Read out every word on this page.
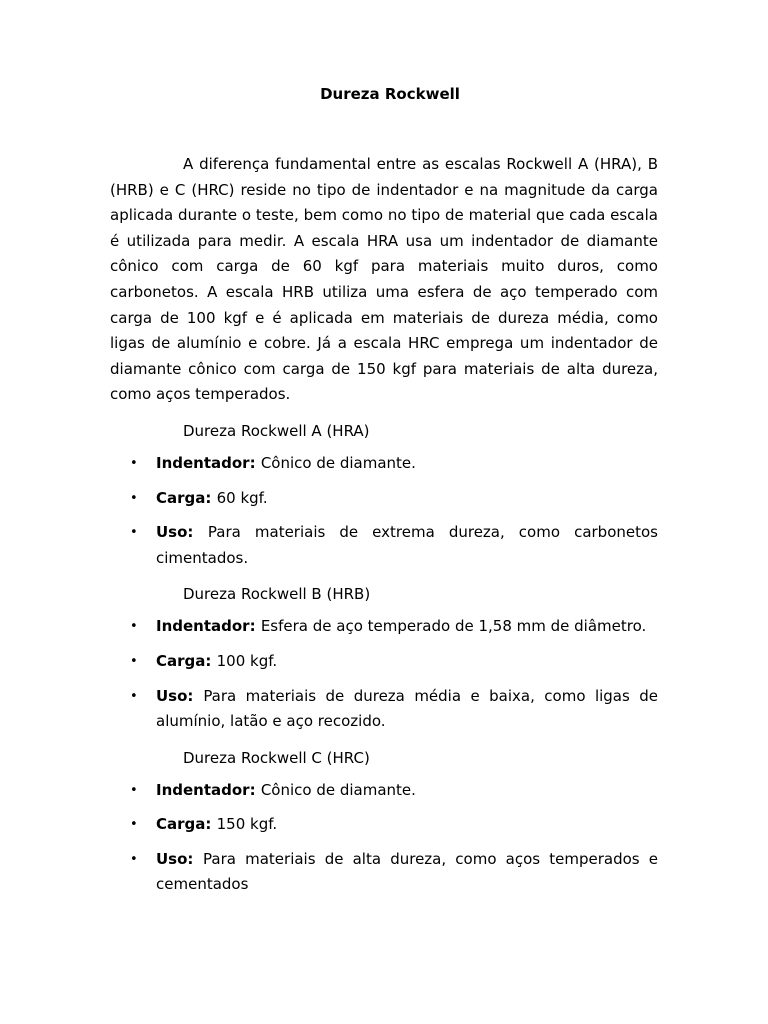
Dureza Rockwell

A diferença fundamental entre as escalas Rockwell A (HRA), B (HRB) e C (HRC) reside no tipo de indentador e na magnitude da carga aplicada durante o teste, bem como no tipo de material que cada escala é utilizada para medir. A escala HRA usa um indentador de diamante cônico com carga de 60 kgf para materiais muito duros, como carbonetos. A escala HRB utiliza uma esfera de aço temperado com carga de 100 kgf e é aplicada em materiais de dureza média, como ligas de alumínio e cobre. Já a escala HRC emprega um indentador de diamante cônico com carga de 150 kgf para materiais de alta dureza, como aços temperados.

Dureza Rockwell A (HRA)
• Indentador: Cônico de diamante.
• Carga: 60 kgf.
• Uso: Para materiais de extrema dureza, como carbonetos cimentados.
Dureza Rockwell B (HRB)
• Indentador: Esfera de aço temperado de 1,58 mm de diâmetro.
• Carga: 100 kgf.
• Uso: Para materiais de dureza média e baixa, como ligas de alumínio, latão e aço recozido.
Dureza Rockwell C (HRC)
• Indentador: Cônico de diamante.
• Carga: 150 kgf.
• Uso: Para materiais de alta dureza, como aços temperados e cementados
